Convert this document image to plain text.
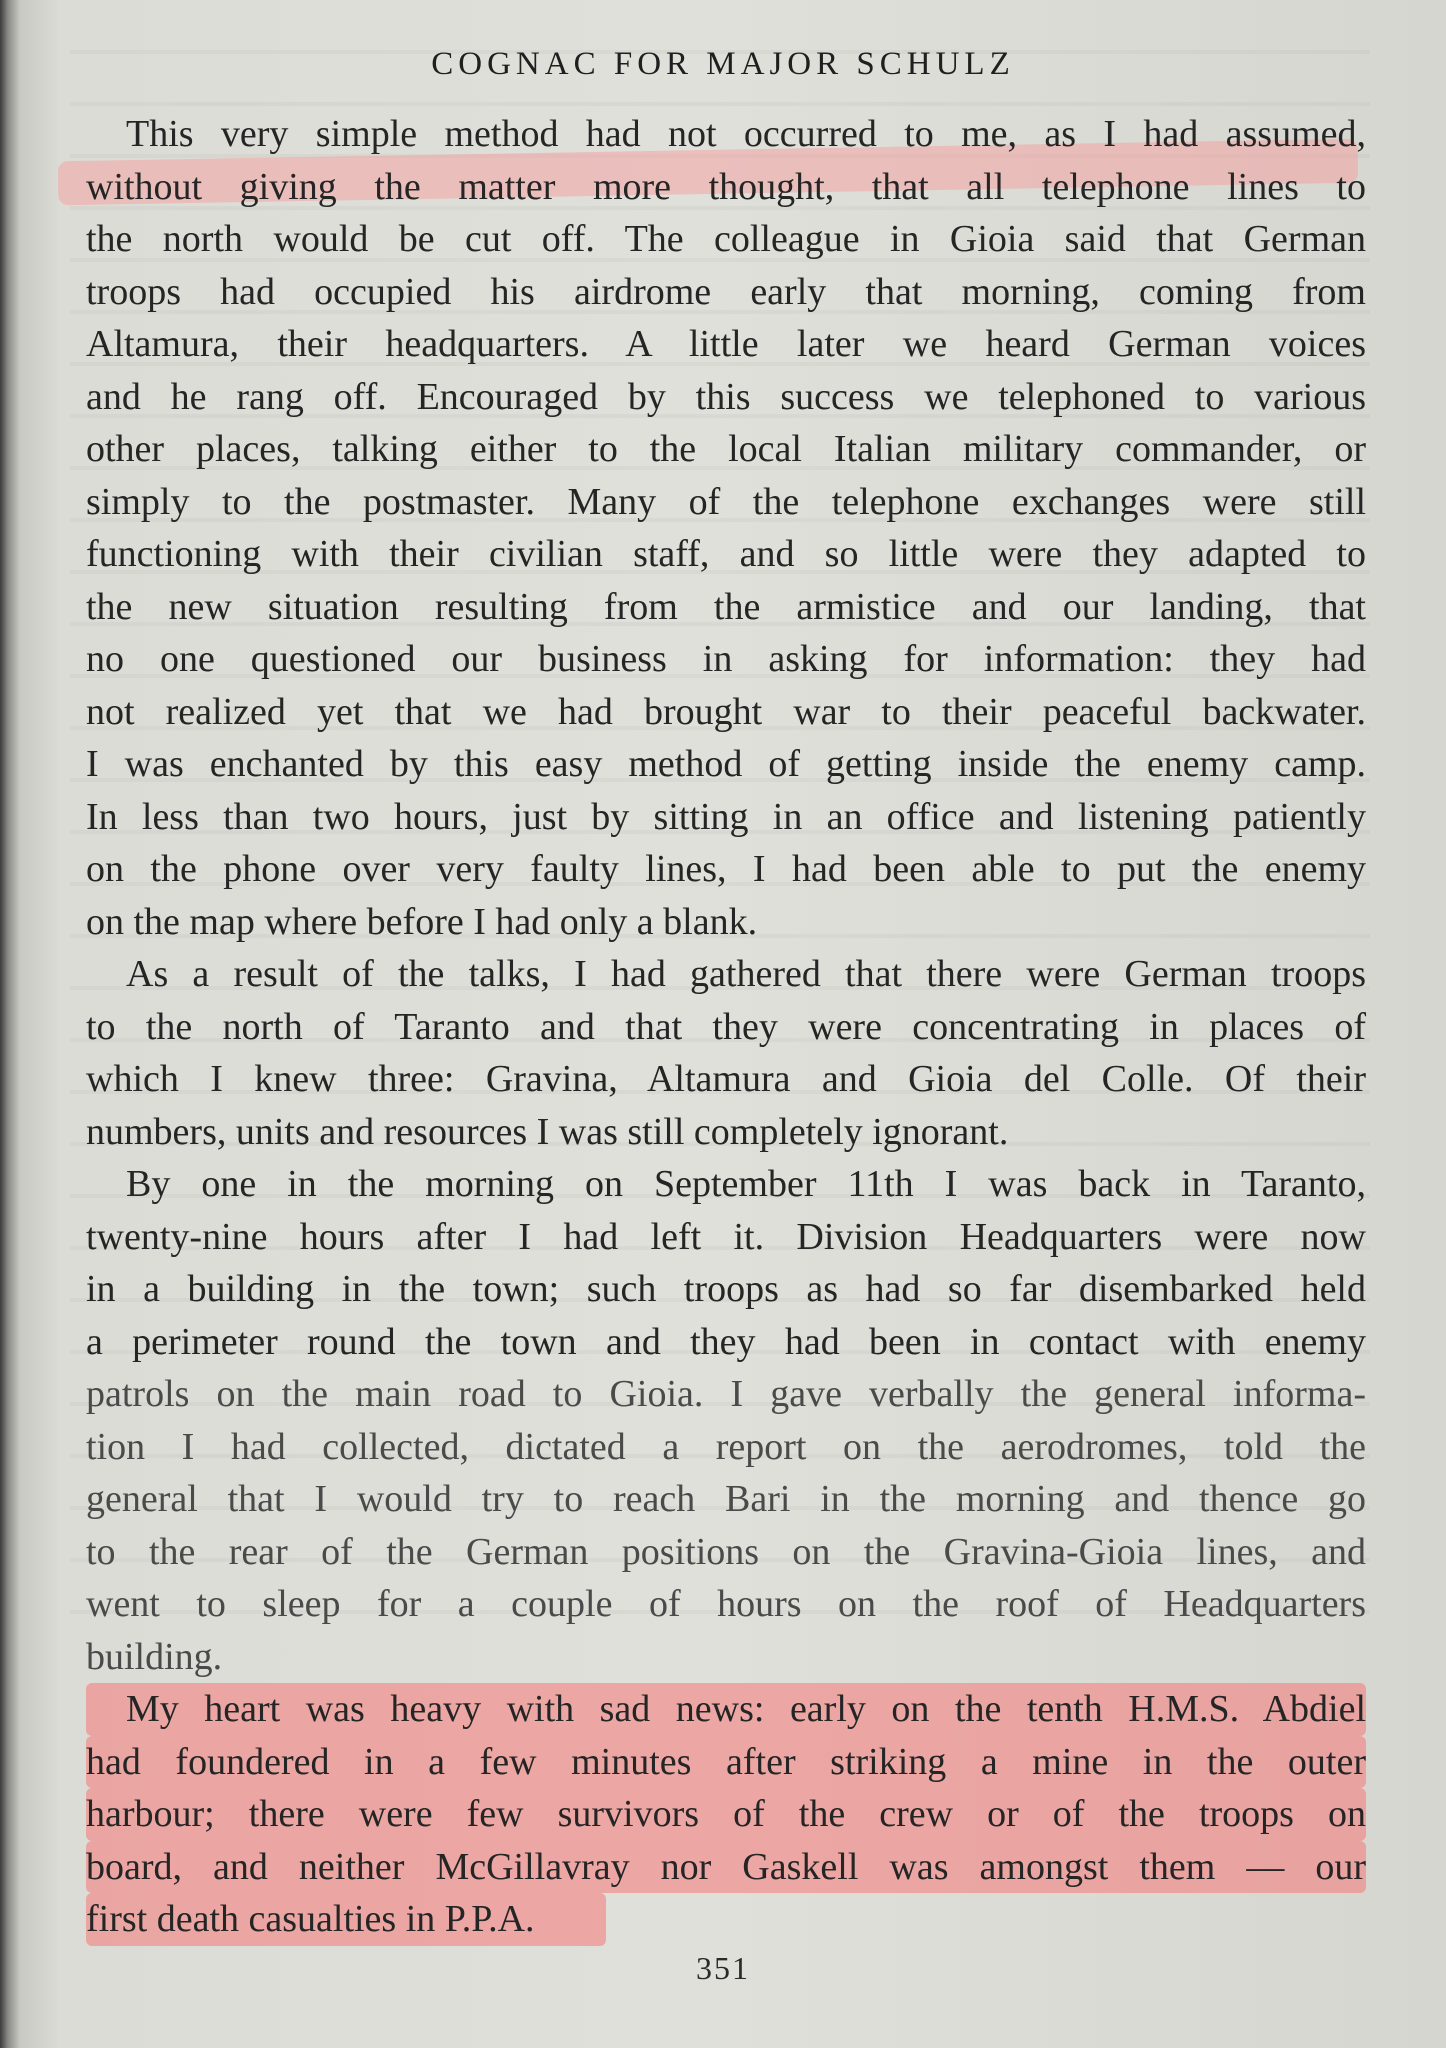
COGNAC FOR MAJOR SCHULZ
This very simple method had not occurred to me, as I had assumed,
without giving the matter more thought, that all telephone lines to
the north would be cut off. The colleague in Gioia said that German
troops had occupied his airdrome early that morning, coming from
Altamura, their headquarters. A little later we heard German voices
and he rang off. Encouraged by this success we telephoned to various
other places, talking either to the local Italian military commander, or
simply to the postmaster. Many of the telephone exchanges were still
functioning with their civilian staff, and so little were they adapted to
the new situation resulting from the armistice and our landing, that
no one questioned our business in asking for information: they had
not realized yet that we had brought war to their peaceful backwater.
I was enchanted by this easy method of getting inside the enemy camp.
In less than two hours, just by sitting in an office and listening patiently
on the phone over very faulty lines, I had been able to put the enemy
on the map where before I had only a blank.
As a result of the talks, I had gathered that there were German troops
to the north of Taranto and that they were concentrating in places of
which I knew three: Gravina, Altamura and Gioia del Colle. Of their
numbers, units and resources I was still completely ignorant.
By one in the morning on September 11th I was back in Taranto,
twenty-nine hours after I had left it. Division Headquarters were now
in a building in the town; such troops as had so far disembarked held
a perimeter round the town and they had been in contact with enemy
patrols on the main road to Gioia. I gave verbally the general informa-
tion I had collected, dictated a report on the aerodromes, told the
general that I would try to reach Bari in the morning and thence go
to the rear of the German positions on the Gravina-Gioia lines, and
went to sleep for a couple of hours on the roof of Headquarters
building.
My heart was heavy with sad news: early on the tenth H.M.S. Abdiel
had foundered in a few minutes after striking a mine in the outer
harbour; there were few survivors of the crew or of the troops on
board, and neither McGillavray nor Gaskell was amongst them — our
first death casualties in P.P.A.
351
